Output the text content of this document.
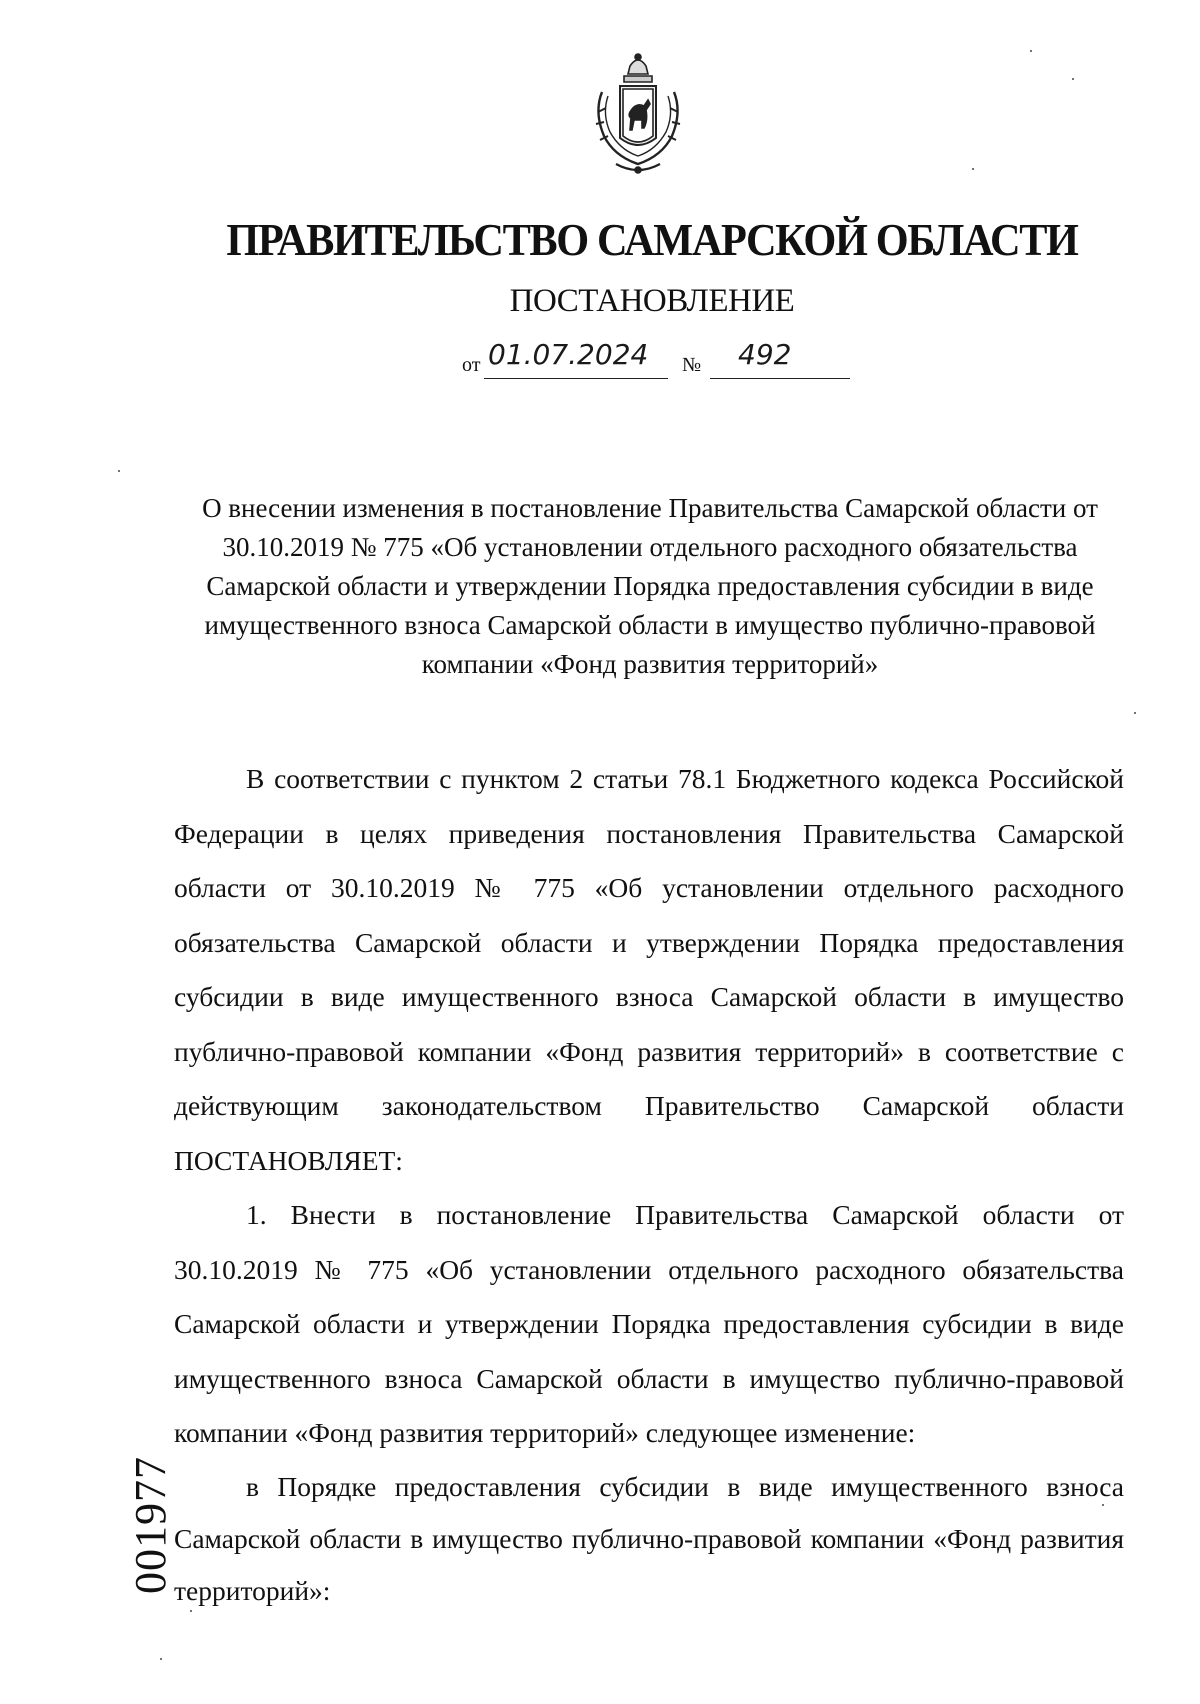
ПРАВИТЕЛЬСТВО САМАРСКОЙ ОБЛАСТИ
ПОСТАНОВЛЕНИЕ
от 01.07.2024 № 492
О внесении изменения в постановление Правительства Самарской области от 30.10.2019 № 775 «Об установлении отдельного расходного обязательства Самарской области и утверждении Порядка предоставления субсидии в виде имущественного взноса Самарской области в имущество публично-правовой компании «Фонд развития территорий»

В соответствии с пунктом 2 статьи 78.1 Бюджетного кодекса Российской Федерации в целях приведения постановления Правительства Самарской области от 30.10.2019 № 775 «Об установлении отдельного расходного обязательства Самарской области и утверждении Порядка предоставления субсидии в виде имущественного взноса Самарской области в имущество публично-правовой компании «Фонд развития территорий» в соответствие с действующим законодательством Правительство Самарской области ПОСТАНОВЛЯЕТ:

1. Внести в постановление Правительства Самарской области от 30.10.2019 № 775 «Об установлении отдельного расходного обязательства Самарской области и утверждении Порядка предоставления субсидии в виде имущественного взноса Самарской области в имущество публично-правовой компании «Фонд развития территорий» следующее изменение:

в Порядке предоставления субсидии в виде имущественного взноса Самарской области в имущество публично-правовой компании «Фонд развития территорий»:

001977
